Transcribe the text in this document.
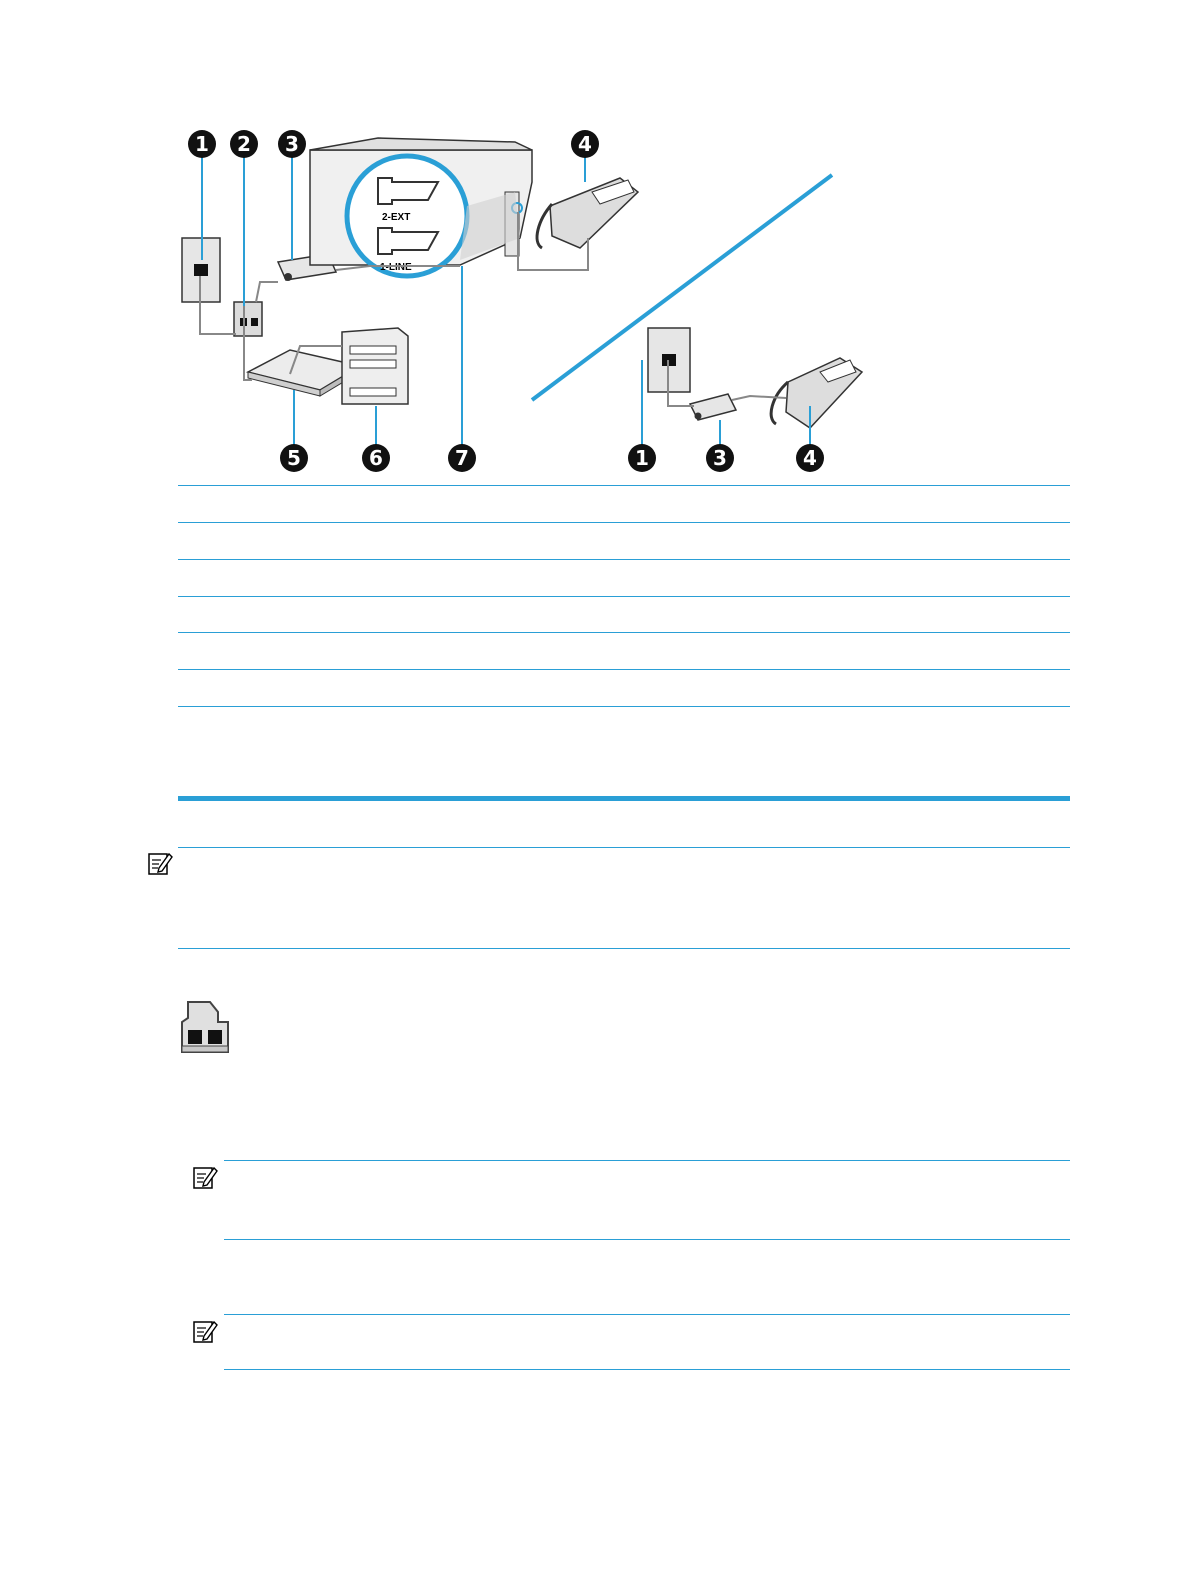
2-EXT
1-LINE
1 2 3	4
5	6	7	1	3	4
